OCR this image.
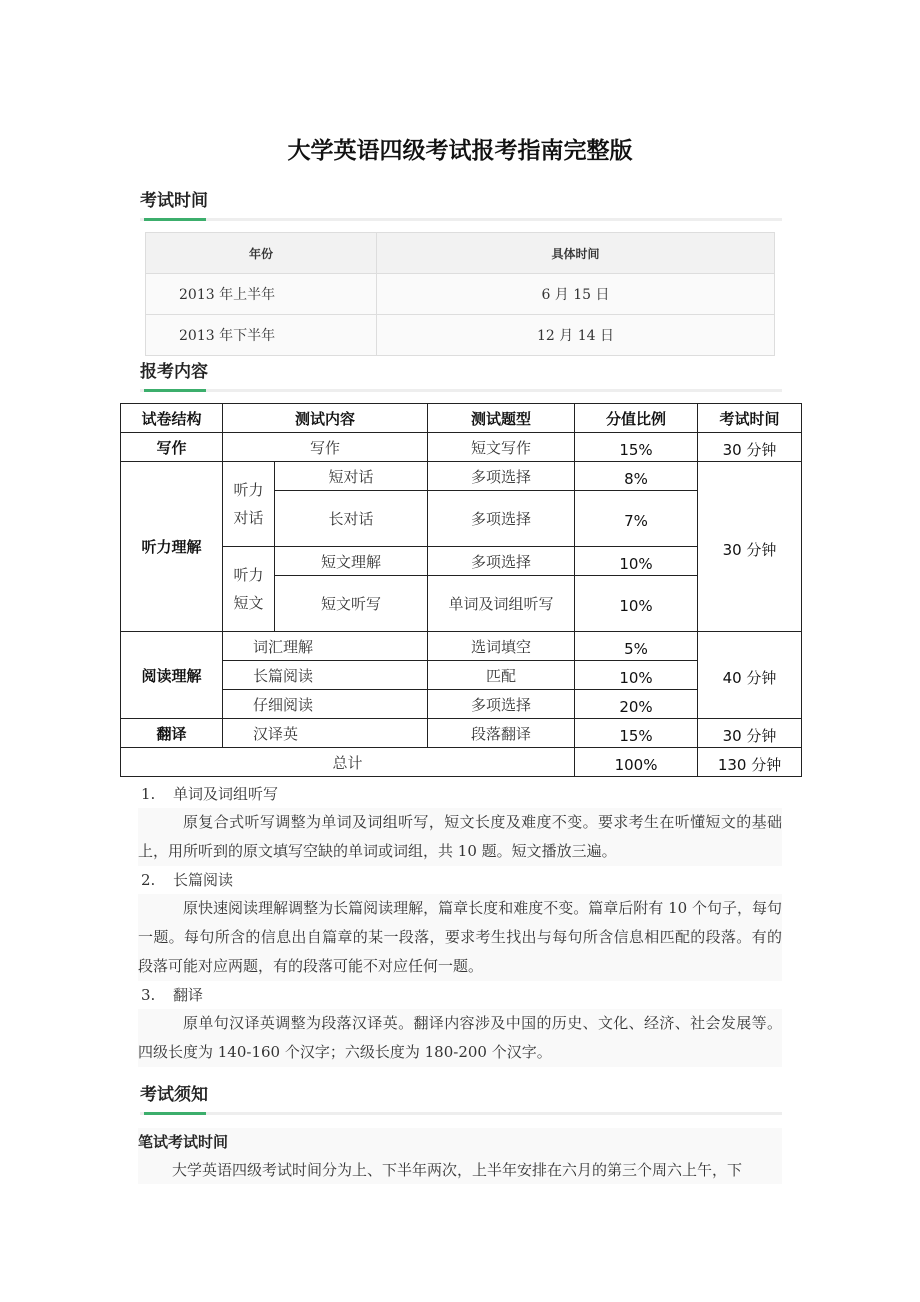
大学英语四级考试报考指南完整版
考试时间
年份	具体时间
2013 年上半年	6 月 15 日
2013 年下半年	12 月 14 日
报考内容
试卷结构	测试内容		测试题型	分值比例	考试时间
写作	写作		短文写作	15%	30 分钟
听力理解	听力对话	短对话	多项选择	8%	30 分钟
		长对话	多项选择	7%	
	听力短文	短文理解	多项选择	10%	
		短文听写	单词及词组听写	10%	
阅读理解	词汇理解		选词填空	5%	40 分钟
	长篇阅读		匹配	10%	
	仔细阅读		多项选择	20%	
翻译	汉译英		段落翻译	15%	30 分钟
总计				100%	130 分钟
1. 单词及词组听写

原复合式听写调整为单词及词组听写，短文长度及难度不变。要求考生在听懂短文的基础上，用所听到的原文填写空缺的单词或词组，共 10 题。短文播放三遍。

2. 长篇阅读

原快速阅读理解调整为长篇阅读理解，篇章长度和难度不变。篇章后附有 10 个句子，每句一题。每句所含的信息出自篇章的某一段落，要求考生找出与每句所含信息相匹配的段落。有的段落可能对应两题，有的段落可能不对应任何一题。

3. 翻译

原单句汉译英调整为段落汉译英。翻译内容涉及中国的历史、文化、经济、社会发展等。四级长度为 140-160 个汉字；六级长度为 180-200 个汉字。

考试须知
笔试考试时间
大学英语四级考试时间分为上、下半年两次，上半年安排在六月的第三个周六上午，下
